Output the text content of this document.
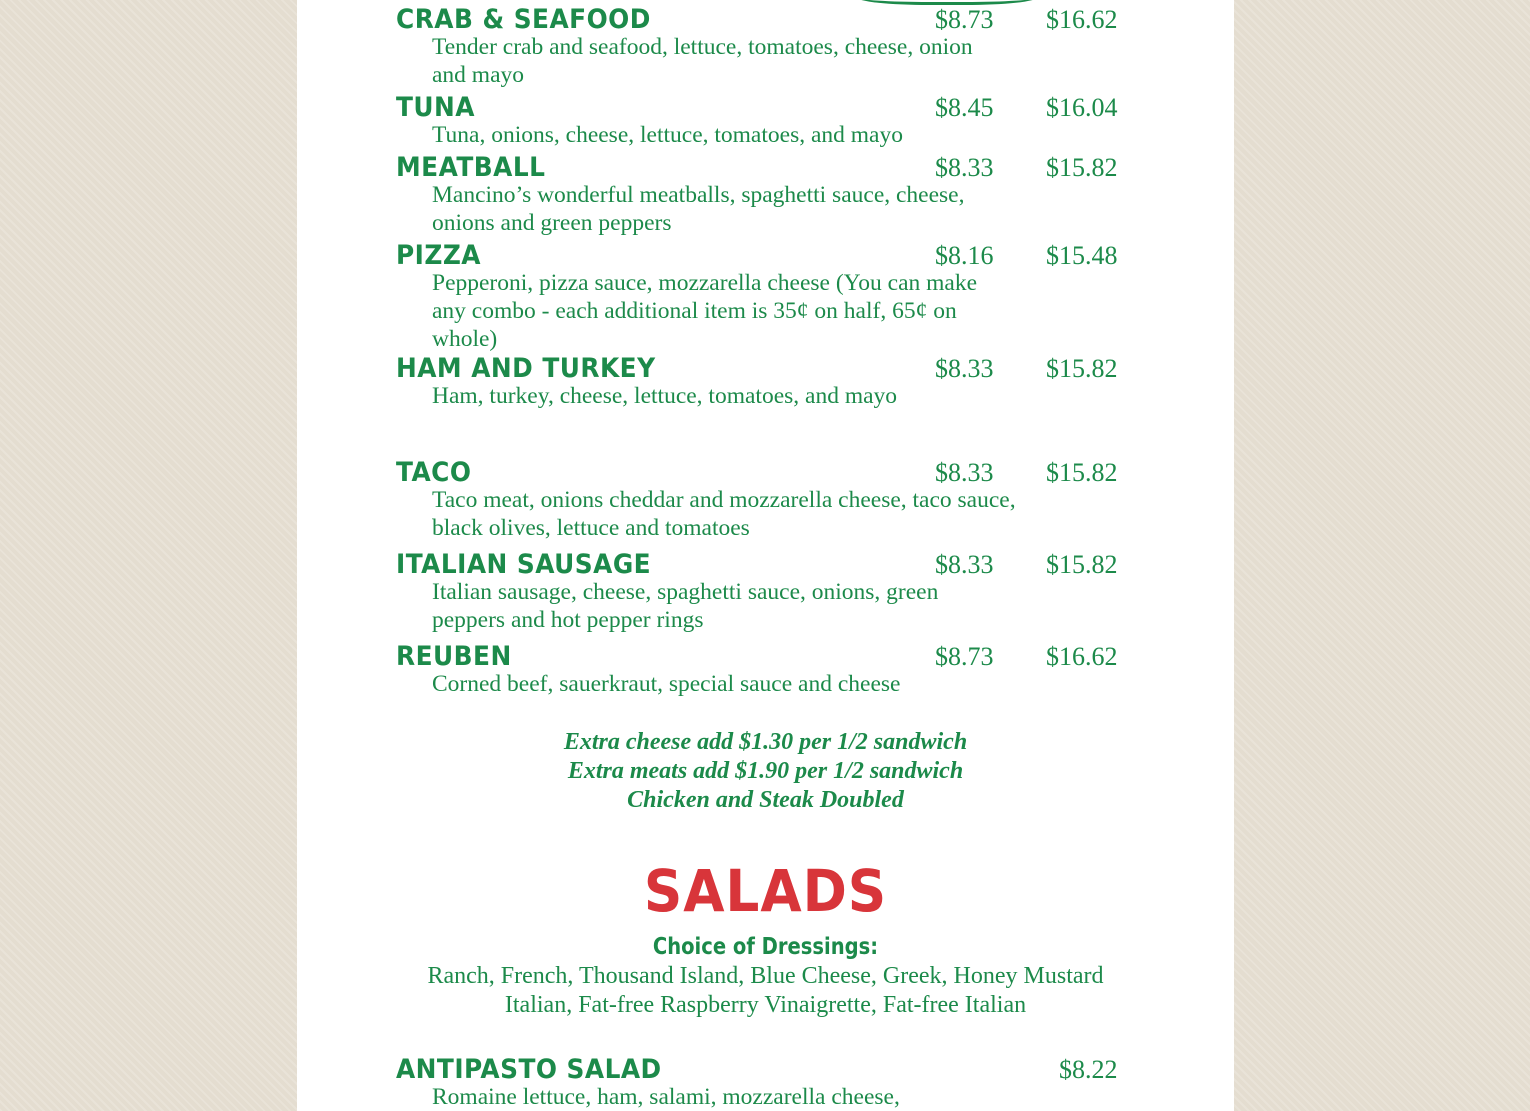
CRAB & SEAFOOD	$8.73 $16.62
Tender crab and seafood, lettuce, tomatoes, cheese, onion and mayo
TUNA	$8.45 $16.04
Tuna, onions, cheese, lettuce, tomatoes, and mayo
MEATBALL	$8.33 $15.82
Mancino’s wonderful meatballs, spaghetti sauce, cheese, onions and green peppers
PIZZA	$8.16 $15.48
Pepperoni, pizza sauce, mozzarella cheese (You can make any combo - each additional item is 35¢ on half, 65¢ on whole)
HAM AND TURKEY	$8.33 $15.82
Ham, turkey, cheese, lettuce, tomatoes, and mayo
TACO	$8.33 $15.82
Taco meat, onions cheddar and mozzarella cheese, taco sauce, black olives, lettuce and tomatoes
ITALIAN SAUSAGE	$8.33 $15.82
Italian sausage, cheese, spaghetti sauce, onions, green peppers and hot pepper rings
REUBEN	$8.73 $16.62
Corned beef, sauerkraut, special sauce and cheese
Extra cheese add $1.30 per 1/2 sandwich
Extra meats add $1.90 per 1/2 sandwich
Chicken and Steak Doubled
SALADS
Choice of Dressings:
Ranch, French, Thousand Island, Blue Cheese, Greek, Honey Mustard
Italian, Fat-free Raspberry Vinaigrette, Fat-free Italian
ANTIPASTO SALAD	$8.22
Romaine lettuce, ham, salami, mozzarella cheese,
